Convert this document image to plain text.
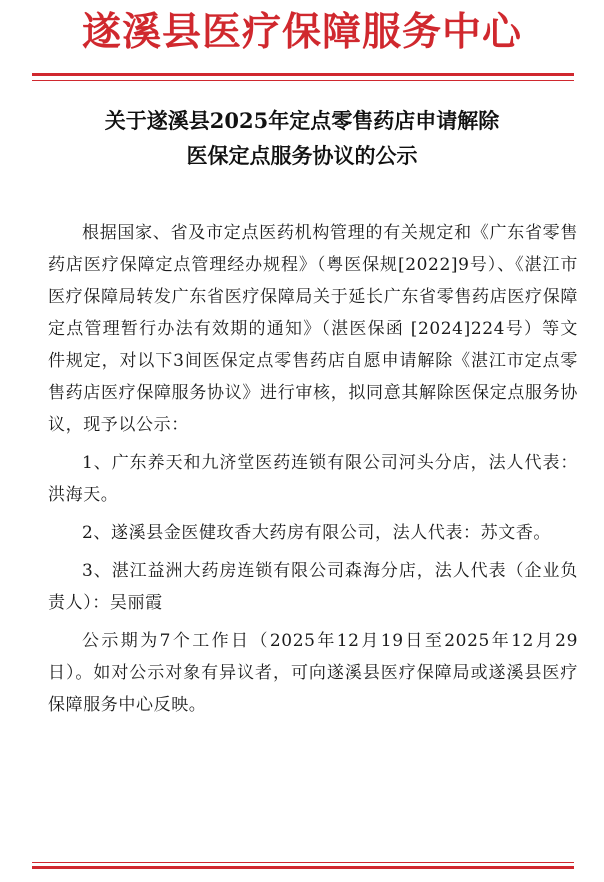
遂溪县医疗保障服务中心
关于遂溪县2025年定点零售药店申请解除
医保定点服务协议的公示

根据国家、省及市定点医药机构管理的有关规定和《广东省零售药店医疗保障定点管理经办规程》（粤医保规[2022]9号）、《湛江市医疗保障局转发广东省医疗保障局关于延长广东省零售药店医疗保障定点管理暂行办法有效期的通知》（湛医保函 [2024]224号）等文件规定，对以下3间医保定点零售药店自愿申请解除《湛江市定点零售药店医疗保障服务协议》进行审核，拟同意其解除医保定点服务协议，现予以公示：

1、广东养天和九济堂医药连锁有限公司河头分店，法人代表：洪海天。

2、遂溪县金医健玫香大药房有限公司，法人代表：苏文香。

3、湛江益洲大药房连锁有限公司森海分店，法人代表（企业负责人）：吴丽霞

公示期为7个工作日（2025年12月19日至2025年12月29日）。如对公示对象有异议者，可向遂溪县医疗保障局或遂溪县医疗保障服务中心反映。
